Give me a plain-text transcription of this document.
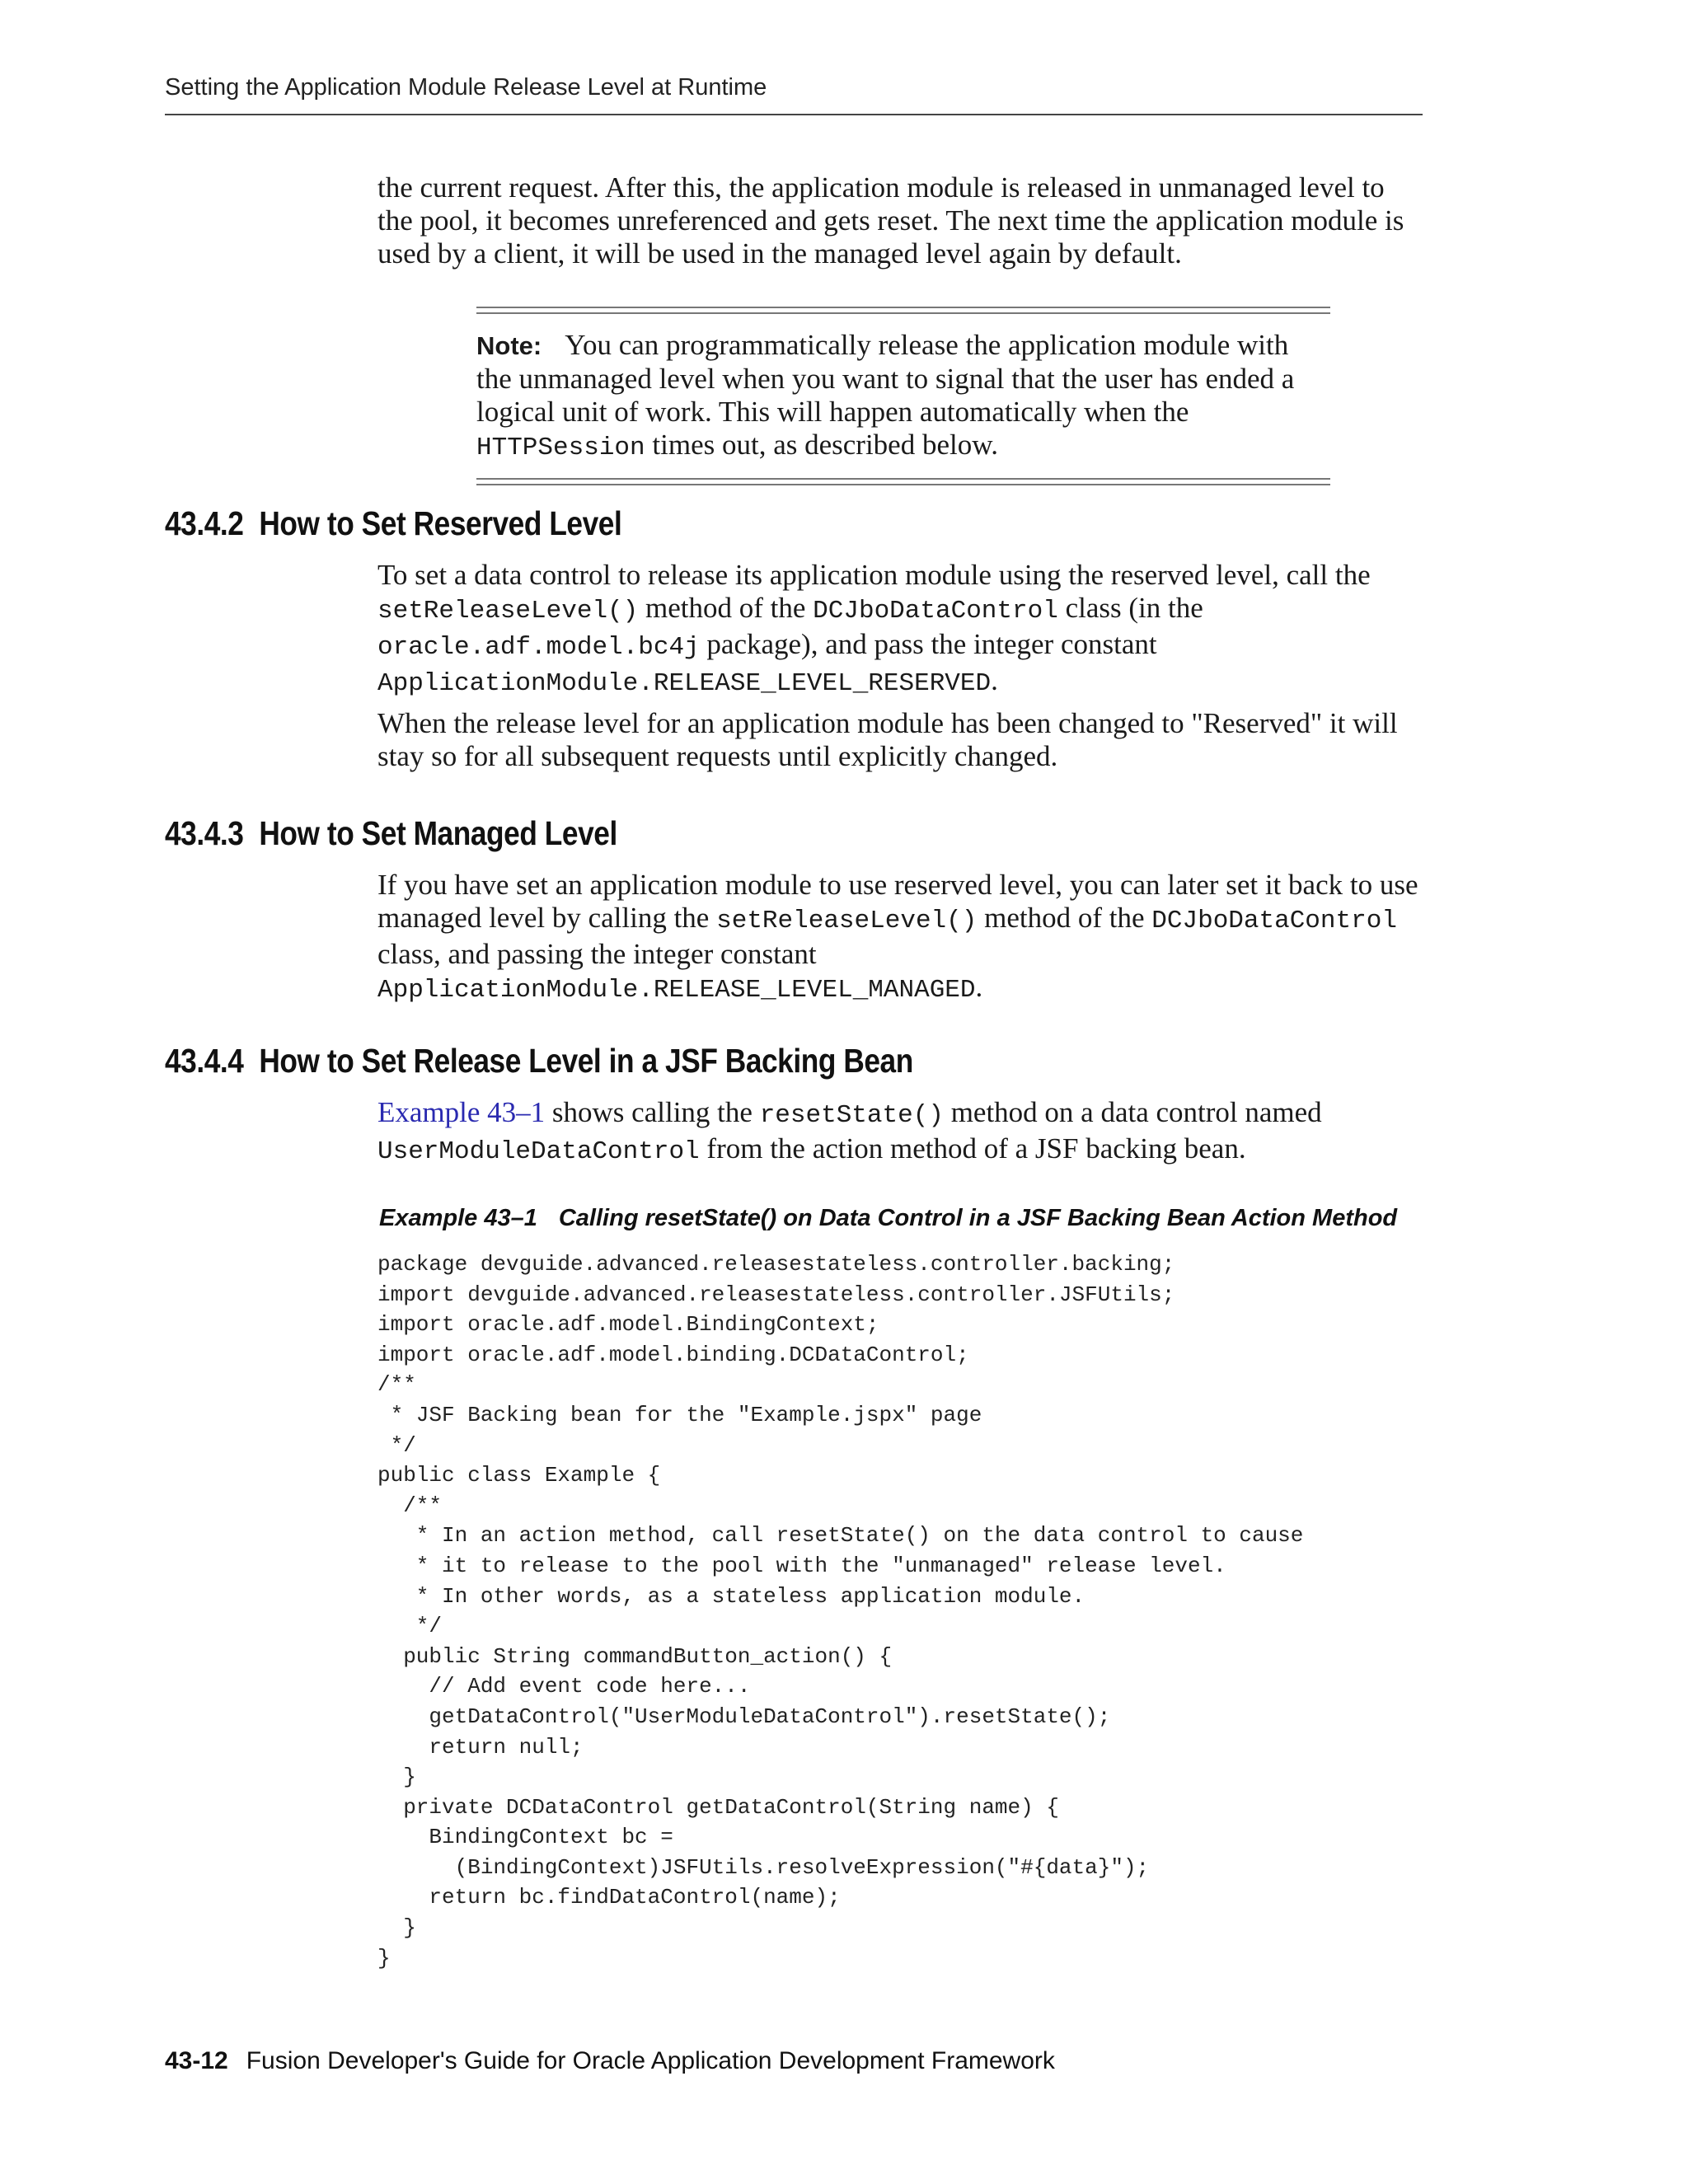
Setting the Application Module Release Level at Runtime

the current request. After this, the application module is released in unmanaged level to the pool, it becomes unreferenced and gets reset. The next time the application module is used by a client, it will be used in the managed level again by default.

Note: You can programmatically release the application module with the unmanaged level when you want to signal that the user has ended a logical unit of work. This will happen automatically when the HTTPSession times out, as described below.

43.4.2 How to Set Reserved Level

To set a data control to release its application module using the reserved level, call the setReleaseLevel() method of the DCJboDataControl class (in the oracle.adf.model.bc4j package), and pass the integer constant ApplicationModule.RELEASE_LEVEL_RESERVED.

When the release level for an application module has been changed to "Reserved" it will stay so for all subsequent requests until explicitly changed.

43.4.3 How to Set Managed Level

If you have set an application module to use reserved level, you can later set it back to use managed level by calling the setReleaseLevel() method of the DCJboDataControl class, and passing the integer constant ApplicationModule.RELEASE_LEVEL_MANAGED.

43.4.4 How to Set Release Level in a JSF Backing Bean

Example 43–1 shows calling the resetState() method on a data control named UserModuleDataControl from the action method of a JSF backing bean.

Example 43–1 Calling resetState() on Data Control in a JSF Backing Bean Action Method

package devguide.advanced.releasestateless.controller.backing;
import devguide.advanced.releasestateless.controller.JSFUtils;
import oracle.adf.model.BindingContext;
import oracle.adf.model.binding.DCDataControl;
/**
* JSF Backing bean for the "Example.jspx" page
*/
public class Example {
/**
* In an action method, call resetState() on the data control to cause
* it to release to the pool with the "unmanaged" release level.
* In other words, as a stateless application module.
*/
public String commandButton_action() {
// Add event code here...
getDataControl("UserModuleDataControl").resetState();
return null;
}
private DCDataControl getDataControl(String name) {
BindingContext bc =
(BindingContext)JSFUtils.resolveExpression("#{data}");
return bc.findDataControl(name);
}
}
43-12 Fusion Developer's Guide for Oracle Application Development Framework
